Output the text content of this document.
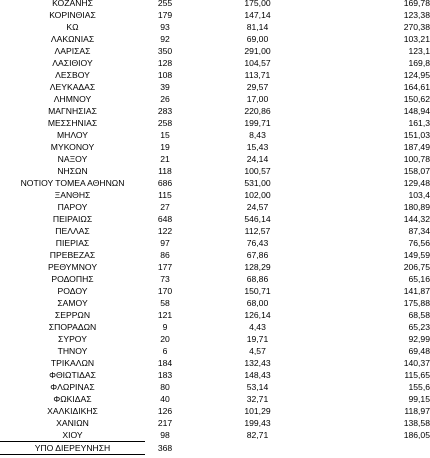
ΚΟΖΑΝΗΣ	255		175,00		169,78
ΚΟΡΙΝΘΙΑΣ	179		147,14		123,38
ΚΩ	93		81,14		270,38
ΛΑΚΩΝΙΑΣ	92		69,00		103,21
ΛΑΡΙΣΑΣ	350		291,00		123,1
ΛΑΣΙΘΙΟΥ	128		104,57		169,8
ΛΕΣΒΟΥ	108		113,71		124,95
ΛΕΥΚΑΔΑΣ	39		29,57		164,61
ΛΗΜΝΟΥ	26		17,00		150,62
ΜΑΓΝΗΣΙΑΣ	283		220,86		148,94
ΜΕΣΣΗΝΙΑΣ	258		199,71		161,3
ΜΗΛΟΥ	15		8,43		151,03
ΜΥΚΟΝΟΥ	19		15,43		187,49
ΝΑΞΟΥ	21		24,14		100,78
ΝΗΣΩΝ	118		100,57		158,07
ΝΟΤΙΟΥ ΤΟΜΕΑ ΑΘΗΝΩΝ	686		531,00		129,48
ΞΑΝΘΗΣ	115		102,00		103,4
ΠΑΡΟΥ	27		24,57		180,89
ΠΕΙΡΑΙΩΣ	648		546,14		144,32
ΠΕΛΛΑΣ	122		112,57		87,34
ΠΙΕΡΙΑΣ	97		76,43		76,56
ΠΡΕΒΕΖΑΣ	86		67,86		149,59
ΡΕΘΥΜΝΟΥ	177		128,29		206,75
ΡΟΔΟΠΗΣ	73		68,86		65,16
ΡΟΔΟΥ	170		150,71		141,87
ΣΑΜΟΥ	58		68,00		175,88
ΣΕΡΡΩΝ	121		126,14		68,58
ΣΠΟΡΑΔΩΝ	9		4,43		65,23
ΣΥΡΟΥ	20		19,71		92,99
ΤΗΝΟΥ	6		4,57		69,48
ΤΡΙΚΑΛΩΝ	184		132,43		140,37
ΦΘΙΩΤΙΔΑΣ	183		148,43		115,65
ΦΛΩΡΙΝΑΣ	80		53,14		155,6
ΦΩΚΙΔΑΣ	40		32,71		99,15
ΧΑΛΚΙΔΙΚΗΣ	126		101,29		118,97
ΧΑΝΙΩΝ	217		199,43		138,58
ΧΙΟΥ	98		82,71		186,05
ΥΠΟ ΔΙΕΡΕΥΝΗΣΗ	368				
